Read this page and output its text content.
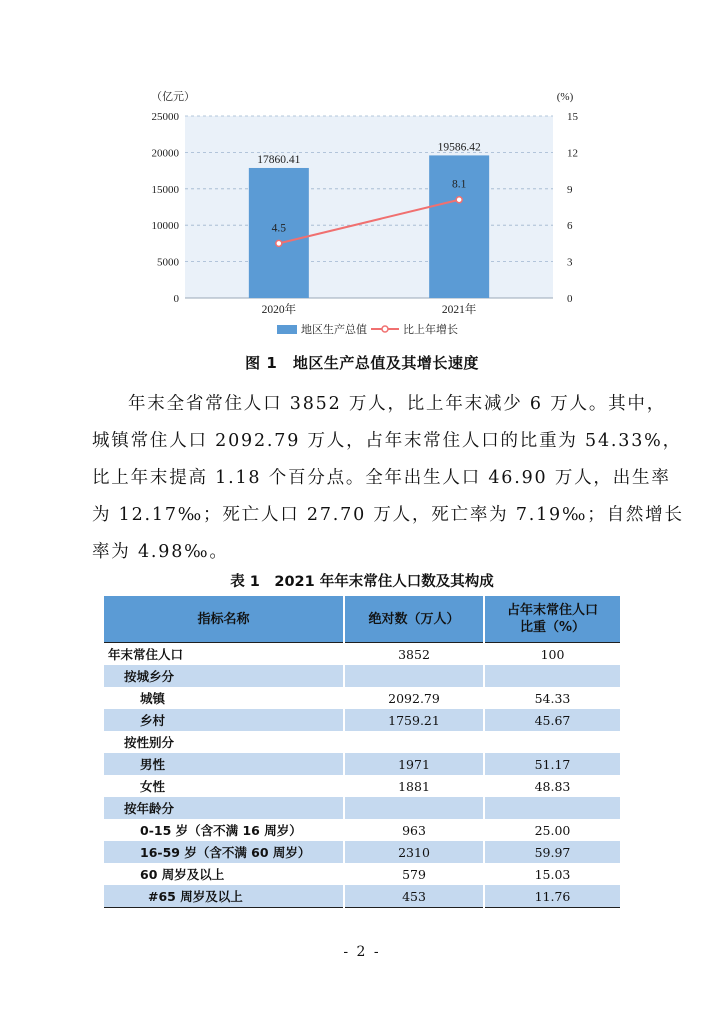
25000
20000
15000
10000
5000
0
15
12
9
6
3
0
（亿元）	(%)
17860.41
2020年
19586.42
2021年
4.5
8.1
地区生产总值	比上年增长
图 1　地区生产总值及其增长速度
年末全省常住人口 3852 万人，比上年末减少 6 万人。其中，
城镇常住人口 2092.79 万人，占年末常住人口的比重为 54.33%，
比上年末提高 1.18 个百分点。全年出生人口 46.90 万人，出生率
为 12.17‰；死亡人口 27.70 万人，死亡率为 7.19‰；自然增长
率为 4.98‰。
表 1　2021 年年末常住人口数及其构成
指标名称	绝对数（万人）	占年末常住人口
比重（%）
年末常住人口	3852	100
按城乡分		
城镇	2092.79	54.33
乡村	1759.21	45.67
按性别分		
男性	1971	51.17
女性	1881	48.83
按年龄分		
0-15 岁（含不满 16 周岁）	963	25.00
16-59 岁（含不满 60 周岁）	2310	59.97
60 周岁及以上	579	15.03
#65 周岁及以上	453	11.76
- 2 -
